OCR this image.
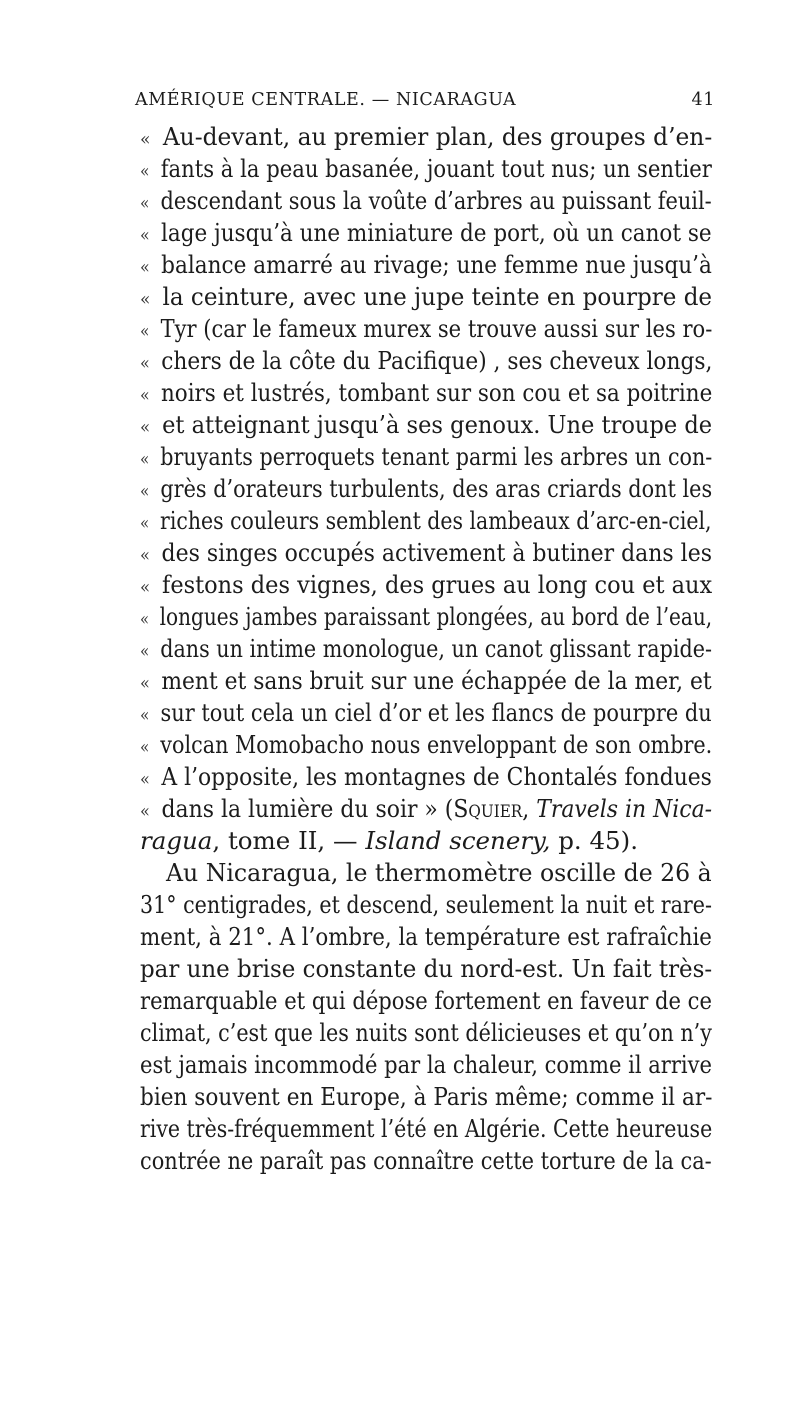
AMÉRIQUE CENTRALE. — NICARAGUA	41
« Au-devant, au premier plan, des groupes d’en-
« fants à la peau basanée, jouant tout nus; un sentier
« descendant sous la voûte d’arbres au puissant feuil-
« lage jusqu’à une miniature de port, où un canot se
« balance amarré au rivage; une femme nue jusqu’à
« la ceinture, avec une jupe teinte en pourpre de
« Tyr (car le fameux murex se trouve aussi sur les ro-
« chers de la côte du Pacifique) , ses cheveux longs,
« noirs et lustrés, tombant sur son cou et sa poitrine
« et atteignant jusqu’à ses genoux. Une troupe de
« bruyants perroquets tenant parmi les arbres un con-
« grès d’orateurs turbulents, des aras criards dont les
« riches couleurs semblent des lambeaux d’arc-en-ciel,
« des singes occupés activement à butiner dans les
« festons des vignes, des grues au long cou et aux
« longues jambes paraissant plongées, au bord de l’eau,
« dans un intime monologue, un canot glissant rapide-
« ment et sans bruit sur une échappée de la mer, et
« sur tout cela un ciel d’or et les flancs de pourpre du
« volcan Momobacho nous enveloppant de son ombre.
« A l’opposite, les montagnes de Chontalés fondues
« dans la lumière du soir » (Squier, Travels in Nica-
ragua, tome II, — Island scenery, p. 45).
Au Nicaragua, le thermomètre oscille de 26 à
31° centigrades, et descend, seulement la nuit et rare-
ment, à 21°. A l’ombre, la température est rafraîchie
par une brise constante du nord-est. Un fait très-
remarquable et qui dépose fortement en faveur de ce
climat, c’est que les nuits sont délicieuses et qu’on n’y
est jamais incommodé par la chaleur, comme il arrive
bien souvent en Europe, à Paris même; comme il ar-
rive très-fréquemment l’été en Algérie. Cette heureuse
contrée ne paraît pas connaître cette torture de la ca-
